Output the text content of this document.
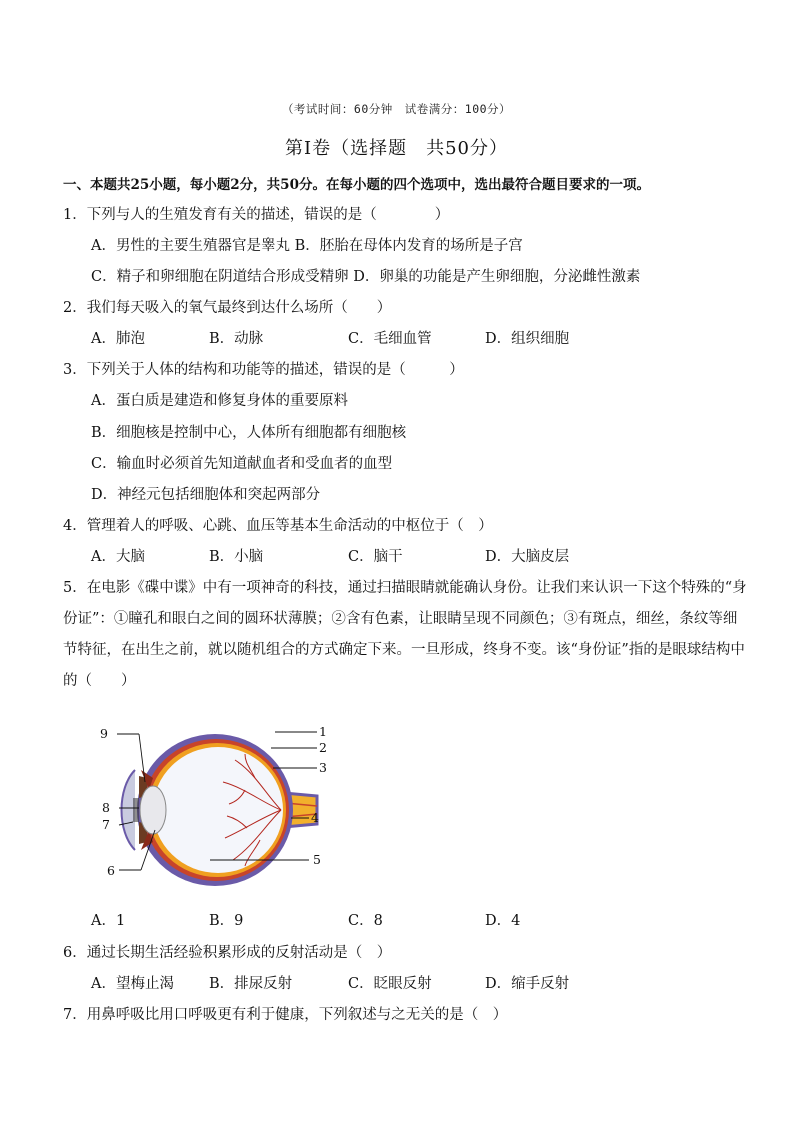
（考试时间：60分钟　试卷满分：100分）
第Ⅰ卷（选择题　共50分）
一、本题共25小题，每小题2分，共50分。在每小题的四个选项中，选出最符合题目要求的一项。
1．下列与人的生殖发育有关的描述，错误的是（　　　　）
A．男性的主要生殖器官是睾丸 B．胚胎在母体内发育的场所是子宫
C．精子和卵细胞在阴道结合形成受精卵 D．卵巢的功能是产生卵细胞，分泌雌性激素
2．我们每天吸入的氧气最终到达什么场所（　　）
A．肺泡	B．动脉	C．毛细血管	D．组织细胞
3．下列关于人体的结构和功能等的描述，错误的是（　　　）
A．蛋白质是建造和修复身体的重要原料
B．细胞核是控制中心，人体所有细胞都有细胞核
C．输血时必须首先知道献血者和受血者的血型
D．神经元包括细胞体和突起两部分
4．管理着人的呼吸、心跳、血压等基本生命活动的中枢位于（　）
A．大脑	B．小脑	C．脑干	D．大脑皮层
5．在电影《碟中谍》中有一项神奇的科技，通过扫描眼睛就能确认身份。让我们来认识一下这个特殊的“身
份证”：①瞳孔和眼白之间的圆环状薄膜；②含有色素，让眼睛呈现不同颜色；③有斑点，细丝，条纹等细
节特征，在出生之前，就以随机组合的方式确定下来。一旦形成，终身不变。该“身份证”指的是眼球结构中
的（　　）
1
2
3
4
5
6
7
8
9
A．1	B．9	C．8	D．4
6．通过长期生活经验积累形成的反射活动是（　）
A．望梅止渴 B．排尿反射	C．眨眼反射	D．缩手反射
7．用鼻呼吸比用口呼吸更有利于健康，下列叙述与之无关的是（　）
